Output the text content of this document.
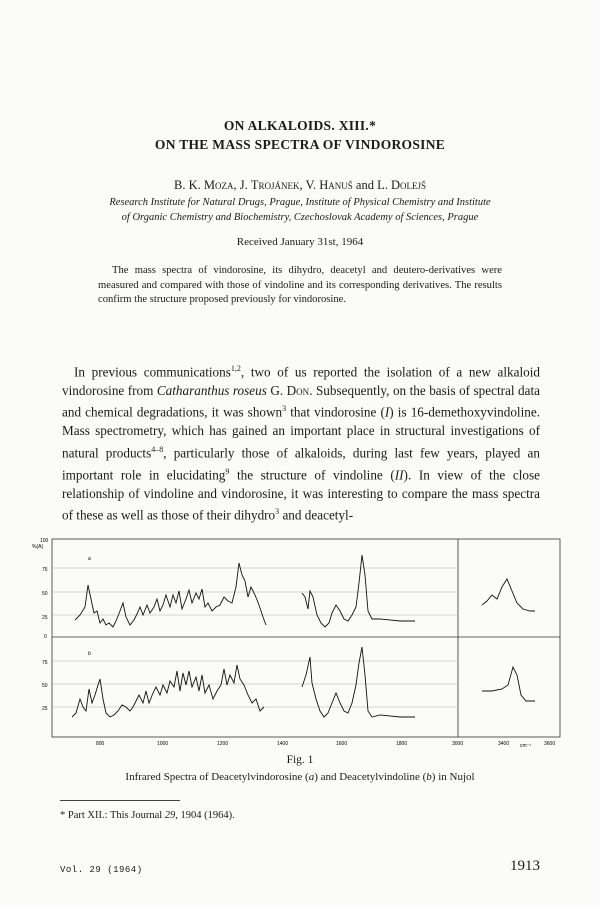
ON ALKALOIDS. XIII.*
ON THE MASS SPECTRA OF VINDOROSINE
B. K. Moza, J. Trojánek, V. Hanuš and L. Dolejš
Research Institute for Natural Drugs, Prague, Institute of Physical Chemistry and Institute
of Organic Chemistry and Biochemistry, Czechoslovak Academy of Sciences, Prague
Received January 31st, 1964
The mass spectra of vindorosine, its dihydro, deacetyl and deutero-derivatives were measured and compared with those of vindoline and its corresponding derivatives. The results confirm the structure proposed previously for vindorosine.
In previous communications$^{1,2}$, two of us reported the isolation of a new alkaloid vindorosine from Catharanthus roseus G. Don. Subsequently, on the basis of spectral data and chemical degradations, it was shown$^3$ that vindorosine (I) is 16-demethoxyvindoline. Mass spectrometry, which has gained an important place in structural investigations of natural products$^{4-8}$, particularly those of alkaloids, during last few years, played an important role in elucidating$^9$ the structure of vindoline (II). In view of the close relationship of vindoline and vindorosine, it was interesting to compare the mass spectra of these as well as those of their dihydro$^3$ and deacetyl-
%(A)
100
75
50
25
0
75
50
25
a
b
800	1000	1200	1400	1600	1800	3000	3400	3600
cm⁻¹
Fig. 1
Infrared Spectra of Deacetylvindorosine (a) and Deacetylvindoline (b) in Nujol
* Part XII.: This Journal 29, 1904 (1964).
Vol. 29 (1964)	1913
